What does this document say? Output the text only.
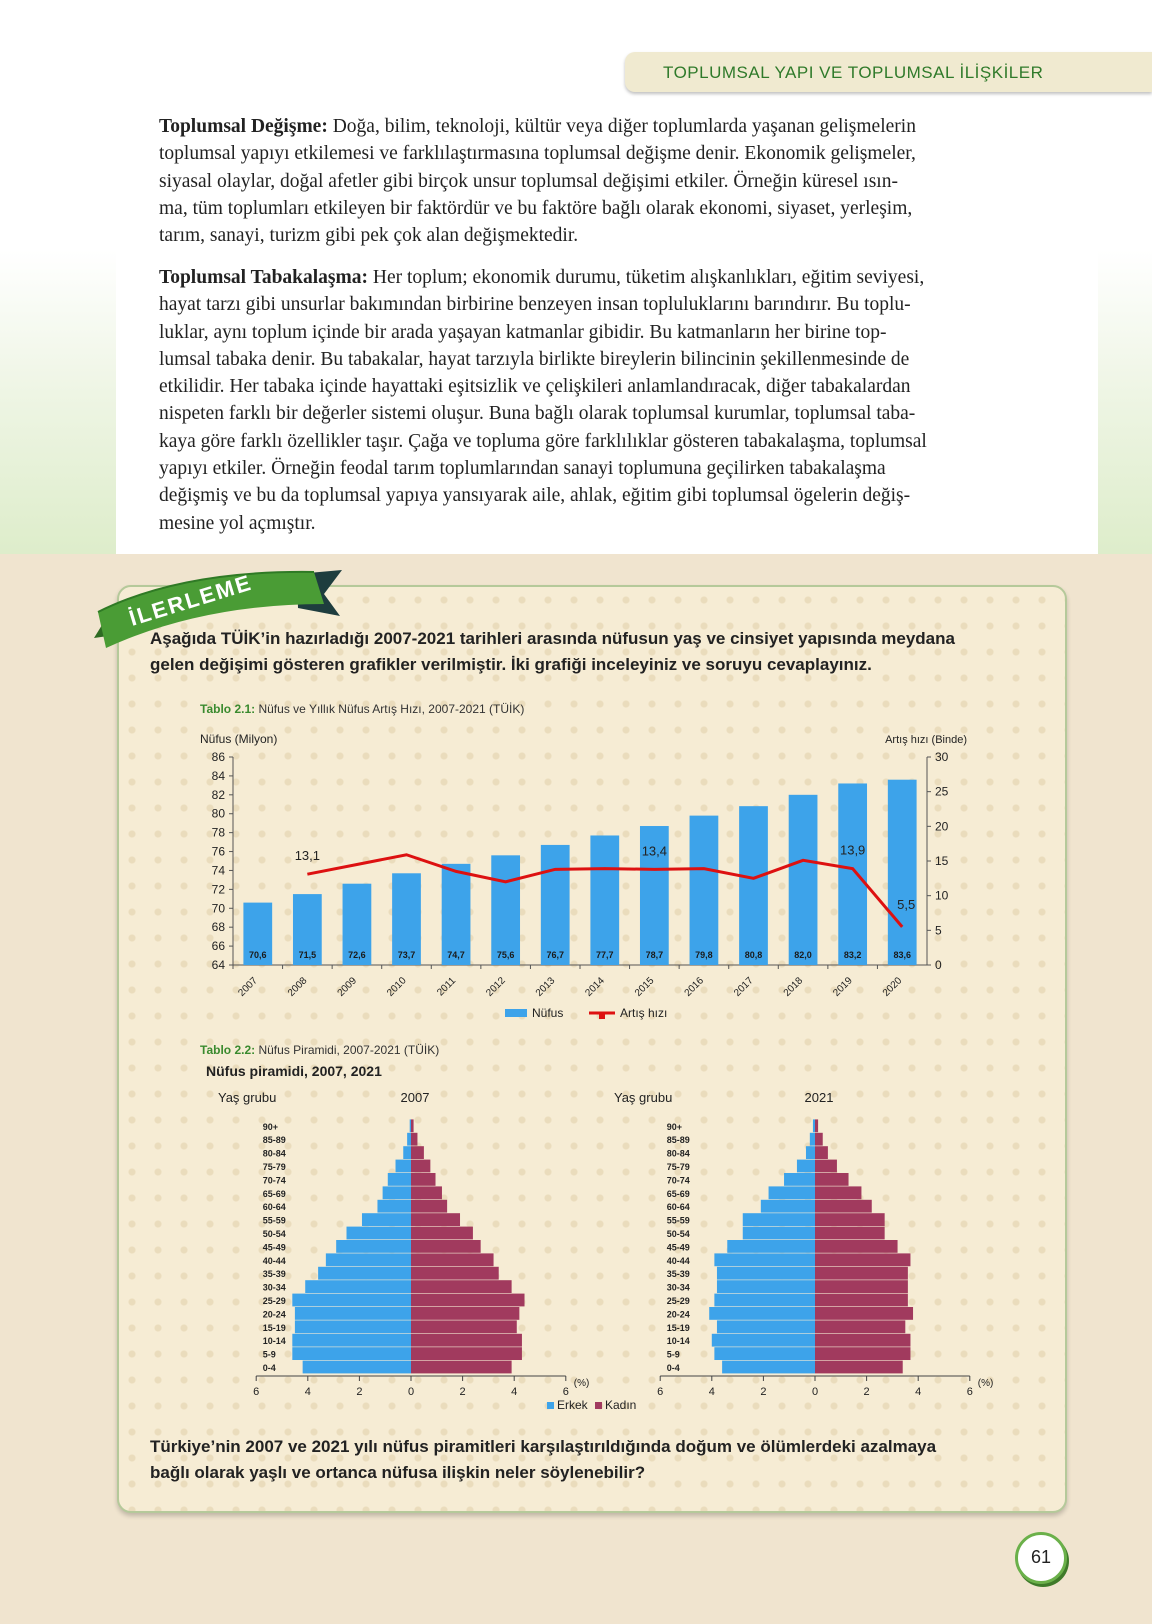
TOPLUMSAL YAPI VE TOPLUMSAL İLİŞKİLER

Toplumsal Değişme: Doğa, bilim, teknoloji, kültür veya diğer toplumlarda yaşanan gelişmelerin

toplumsal yapıyı etkilemesi ve farklılaştırmasına toplumsal değişme denir. Ekonomik gelişmeler,

siyasal olaylar, doğal afetler gibi birçok unsur toplumsal değişimi etkiler. Örneğin küresel ısın-

ma, tüm toplumları etkileyen bir faktördür ve bu faktöre bağlı olarak ekonomi, siyaset, yerleşim,

tarım, sanayi, turizm gibi pek çok alan değişmektedir.

Toplumsal Tabakalaşma: Her toplum; ekonomik durumu, tüketim alışkanlıkları, eğitim seviyesi,

hayat tarzı gibi unsurlar bakımından birbirine benzeyen insan topluluklarını barındırır. Bu toplu-

luklar, aynı toplum içinde bir arada yaşayan katmanlar gibidir. Bu katmanların her birine top-

lumsal tabaka denir. Bu tabakalar, hayat tarzıyla birlikte bireylerin bilincinin şekillenmesinde de

etkilidir. Her tabaka içinde hayattaki eşitsizlik ve çelişkileri anlamlandıracak, diğer tabakalardan

nispeten farklı bir değerler sistemi oluşur. Buna bağlı olarak toplumsal kurumlar, toplumsal taba-

kaya göre farklı özellikler taşır. Çağa ve topluma göre farklılıklar gösteren tabakalaşma, toplumsal

yapıyı etkiler. Örneğin feodal tarım toplumlarından sanayi toplumuna geçilirken tabakalaşma

değişmiş ve bu da toplumsal yapıya yansıyarak aile, ahlak, eğitim gibi toplumsal ögelerin değiş-

mesine yol açmıştır.

İLERLEME
Aşağıda TÜİK’in hazırladığı 2007-2021 tarihleri arasında nüfusun yaş ve cinsiyet yapısında meydana
gelen değişimi gösteren grafikler verilmiştir. İki grafiği inceleyiniz ve soruyu cevaplayınız.
Tablo 2.1: Nüfus ve Yıllık Nüfus Artış Hızı, 2007-2021 (TÜİK)
Nüfus (Milyon)	Artış hızı (Binde)
64
66
68
70
72
74
76
78
80
82
84
86
0
5
10
15
20
25
30
70,6
2007
71,5
2008
72,6
2009
73,7
2010
74,7
2011
75,6
2012
76,7
2013
77,7
2014
78,7
2015
79,8
2016
80,8
2017
82,0
2018
83,2
2019
83,6
2020
13,1	13,4	13,9
5,5
Nüfus	Artış hızı
Tablo 2.2: Nüfus Piramidi, 2007-2021 (TÜİK)
Nüfus piramidi, 2007, 2021
Yaş grubu	2007
0-4
5-9
10-14
15-19
20-24
25-29
30-34
35-39
40-44
45-49
50-54
55-59
60-64
65-69
70-74
75-79
80-84
85-89
90+
6	4	2	0	2	4	6
(%)
Yaş grubu	2021
0-4
5-9
10-14
15-19
20-24
25-29
30-34
35-39
40-44
45-49
50-54
55-59
60-64
65-69
70-74
75-79
80-84
85-89
90+
6	4	2	0	2	4	6
(%)
Erkek Kadın
Türkiye’nin 2007 ve 2021 yılı nüfus piramitleri karşılaştırıldığında doğum ve ölümlerdeki azalmaya
bağlı olarak yaşlı ve ortanca nüfusa ilişkin neler söylenebilir?
61
